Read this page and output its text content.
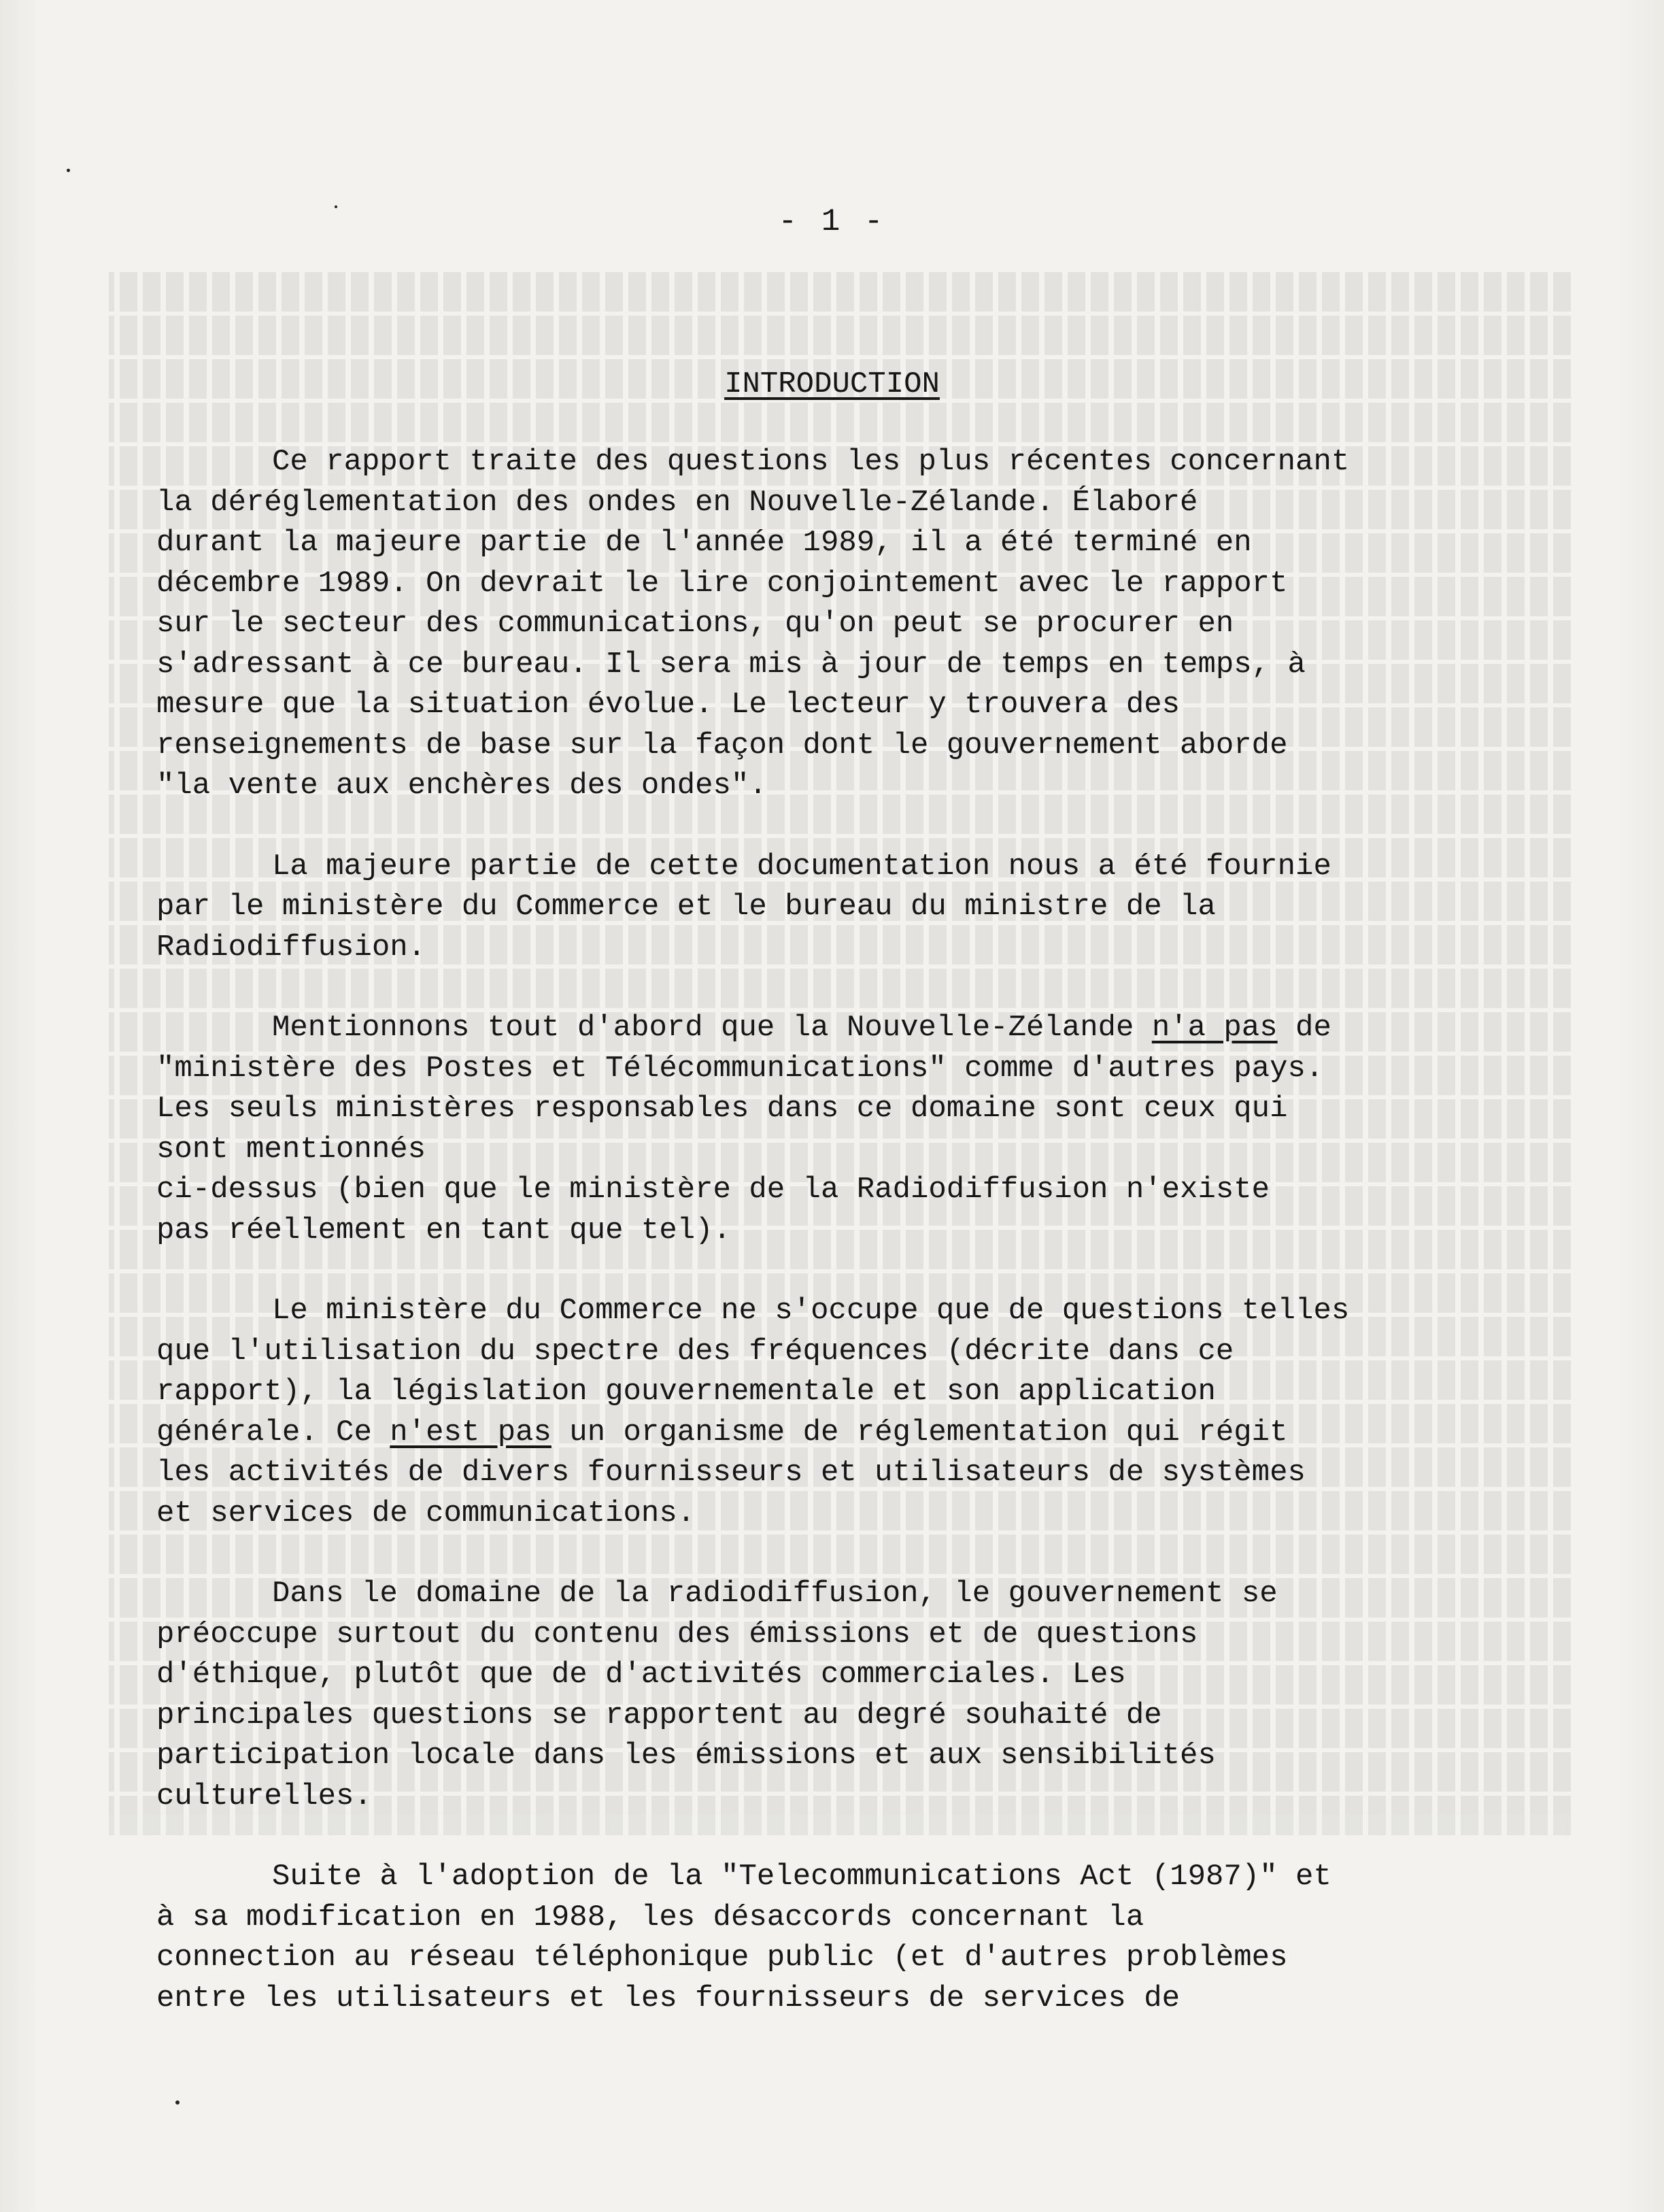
- 1 -
INTRODUCTION

Ce rapport traite des questions les plus récentes concernant
la déréglementation des ondes en Nouvelle-Zélande. Élaboré
durant la majeure partie de l'année 1989, il a été terminé en
décembre 1989. On devrait le lire conjointement avec le rapport
sur le secteur des communications, qu'on peut se procurer en
s'adressant à ce bureau. Il sera mis à jour de temps en temps, à
mesure que la situation évolue. Le lecteur y trouvera des
renseignements de base sur la façon dont le gouvernement aborde
"la vente aux enchères des ondes".

La majeure partie de cette documentation nous a été fournie
par le ministère du Commerce et le bureau du ministre de la
Radiodiffusion.

Mentionnons tout d'abord que la Nouvelle-Zélande n'a pas de
"ministère des Postes et Télécommunications" comme d'autres pays.
Les seuls ministères responsables dans ce domaine sont ceux qui
sont mentionnés
ci-dessus (bien que le ministère de la Radiodiffusion n'existe
pas réellement en tant que tel).

Le ministère du Commerce ne s'occupe que de questions telles
que l'utilisation du spectre des fréquences (décrite dans ce
rapport), la législation gouvernementale et son application
générale. Ce n'est pas un organisme de réglementation qui régit
les activités de divers fournisseurs et utilisateurs de systèmes
et services de communications.

Dans le domaine de la radiodiffusion, le gouvernement se
préoccupe surtout du contenu des émissions et de questions
d'éthique, plutôt que de d'activités commerciales. Les
principales questions se rapportent au degré souhaité de
participation locale dans les émissions et aux sensibilités
culturelles.

Suite à l'adoption de la "Telecommunications Act (1987)" et
à sa modification en 1988, les désaccords concernant la
connection au réseau téléphonique public (et d'autres problèmes
entre les utilisateurs et les fournisseurs de services de
